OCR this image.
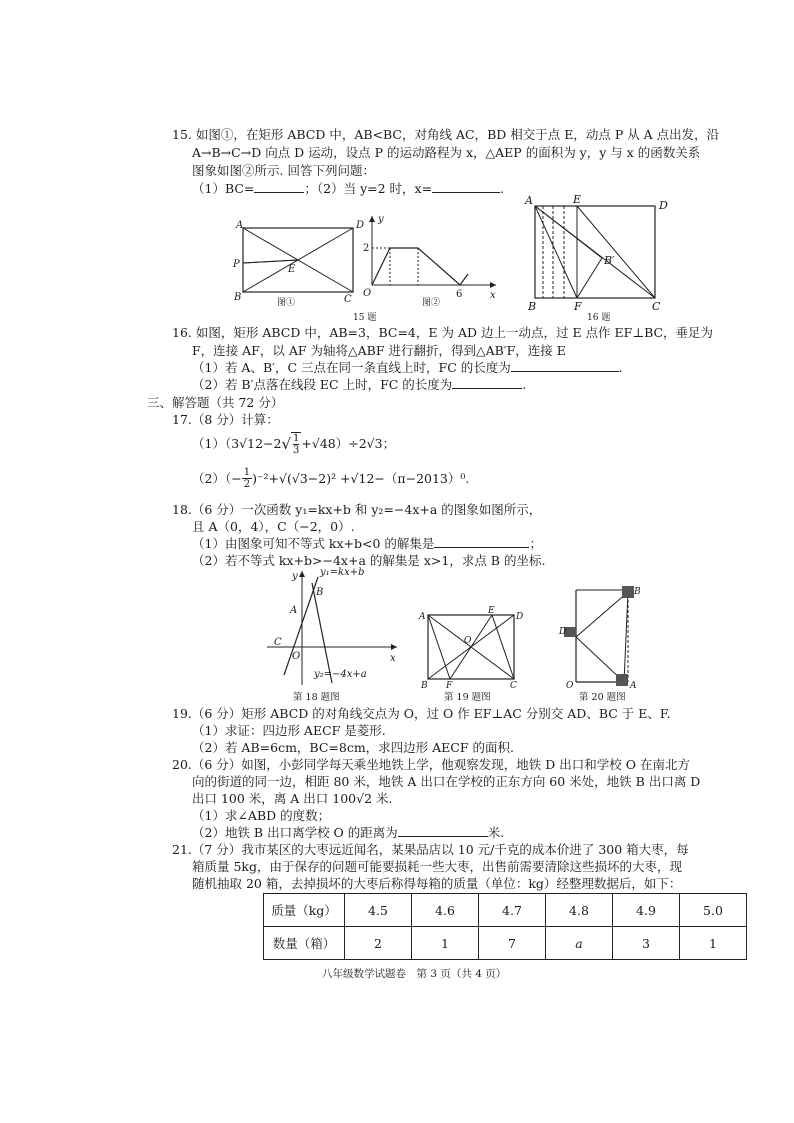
15. 如图①，在矩形 ABCD 中，AB<BC，对角线 AC，BD 相交于点 E，动点 P 从 A 点出发，沿
A→B→C→D 向点 D 运动，设点 P 的运动路程为 x，△AEP 的面积为 y，y 与 x 的函数关系
图象如图②所示. 回答下列问题：
（1）BC=	；（2）当 y=2 时，x=	.
A	D
B	C
P	E
图①
y
x
O
2
6
图②
15 题
A	E	D
B′
B	F	C
16 题
16. 如图，矩形 ABCD 中，AB=3，BC=4，E 为 AD 边上一动点，过 E 点作 EF⊥BC，垂足为
F，连接 AF，以 AF 为轴将△ABF 进行翻折，得到△AB′F，连接 E
（1）若 A、B′，C 三点在同一条直线上时，FC 的长度为	.
（2）若 B′点落在线段 EC 上时，FC 的长度为	.
三、解答题（共 72 分）
17.（8 分）计算：
（1）（3√12−2 √ $\frac{1}{3} +√48)\div 2√3$；
$(2)(- \frac{1}{2} )^{-2}+√(√3-2)^2 +√12-(\pi-2013)^0$.
18.（6 分）一次函数 y₁=kx+b 和 y₂=−4x+a 的图象如图所示，
且 A（0，4），C（−2，0）.
（1）由图象可知不等式 kx+b<0 的解集是	；
（2）若不等式 kx+b>−4x+a 的解集是 x>1，求点 B 的坐标.
y
x
A
B
C
O
y₁=kx+b
y₂=−4x+a
第 18 题图
A
E
D
O
B F	C
第 19 题图
B
D
O	A
第 20 题图
19.（6 分）矩形 ABCD 的对角线交点为 O，过 O 作 EF⊥AC 分别交 AD、BC 于 E、F.
（1）求证：四边形 AECF 是菱形.
（2）若 AB=6cm，BC=8cm，求四边形 AECF 的面积.
20.（6 分）如图，小彭同学每天乘坐地铁上学，他观察发现，地铁 D 出口和学校 O 在南北方
向的街道的同一边，相距 80 米，地铁 A 出口在学校的正东方向 60 米处，地铁 B 出口离 D
出口 100 米，离 A 出口 100√2 米.
（1）求∠ABD 的度数；
（2）地铁 B 出口离学校 O 的距离为	米.
21.（7 分）我市某区的大枣远近闻名，某果品店以 10 元/千克的成本价进了 300 箱大枣，每
箱质量 5kg，由于保存的问题可能要损耗一些大枣，出售前需要清除这些损坏的大枣，现
随机抽取 20 箱，去掉损坏的大枣后称得每箱的质量（单位：kg）经整理数据后，如下：
质量（kg）	4.5	4.6	4.7	4.8	4.9	5.0
数量（箱）	2	1	7	a	3	1
八年级数学试题卷　第 3 页（共 4 页）
